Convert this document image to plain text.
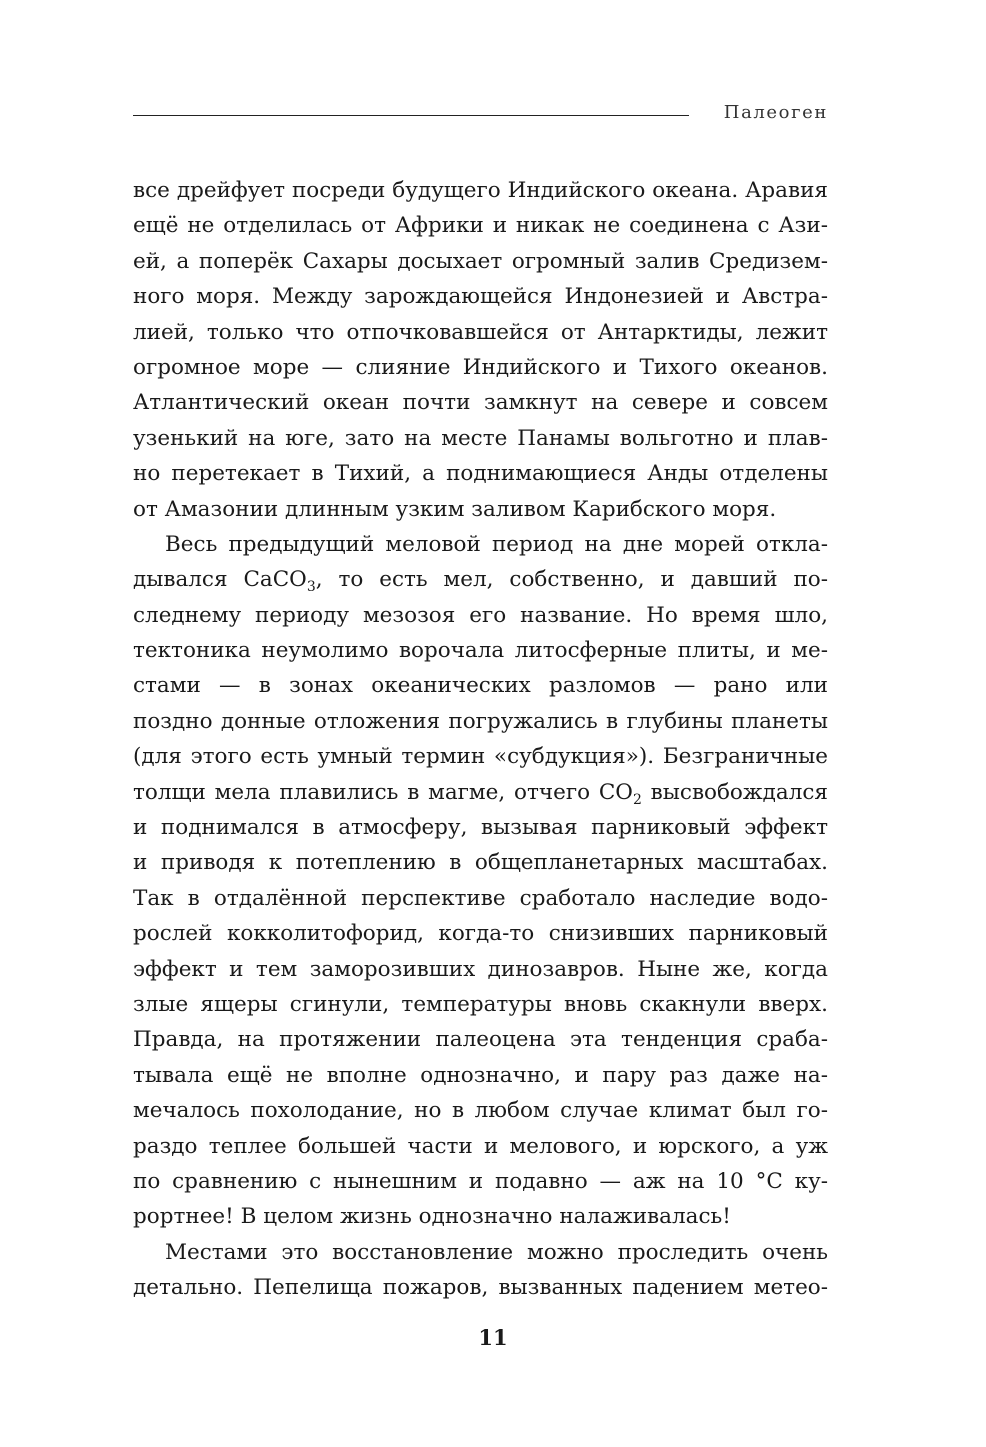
Палеоген
все дрейфует посреди будущего Индийского океана. Аравия
ещё не отделилась от Африки и никак не соединена с Ази-
ей, а поперёк Сахары досыхает огромный залив Средизем-
ного моря. Между зарождающейся Индонезией и Австра-
лией, только что отпочковавшейся от Антарктиды, лежит
огромное море — слияние Индийского и Тихого океанов.
Атлантический океан почти замкнут на севере и совсем
узенький на юге, зато на месте Панамы вольготно и плав-
но перетекает в Тихий, а поднимающиеся Анды отделены
от Амазонии длинным узким заливом Карибского моря.
Весь предыдущий меловой период на дне морей откла-
дывался CaCO$_3$, то есть мел, собственно, и давший по-
следнему периоду мезозоя его название. Но время шло,
тектоника неумолимо ворочала литосферные плиты, и ме-
стами — в зонах океанических разломов — рано или
поздно донные отложения погружались в глубины планеты
(для этого есть умный термин «субдукция»). Безграничные
толщи мела плавились в магме, отчего $CO_2$ высвобождался
и поднимался в атмосферу, вызывая парниковый эффект
и приводя к потеплению в общепланетарных масштабах.
Так в отдалённой перспективе сработало наследие водо-
рослей кокколитофорид, когда-то снизивших парниковый
эффект и тем заморозивших динозавров. Ныне же, когда
злые ящеры сгинули, температуры вновь скакнули вверх.
Правда, на протяжении палеоцена эта тенденция сраба-
тывала ещё не вполне однозначно, и пару раз даже на-
мечалось похолодание, но в любом случае климат был го-
раздо теплее большей части и мелового, и юрского, а уж
по сравнению с нынешним и подавно — аж на 10 °С ку-
рортнее! В целом жизнь однозначно налаживалась!
Местами это восстановление можно проследить очень
детально. Пепелища пожаров, вызванных падением метео-
11
